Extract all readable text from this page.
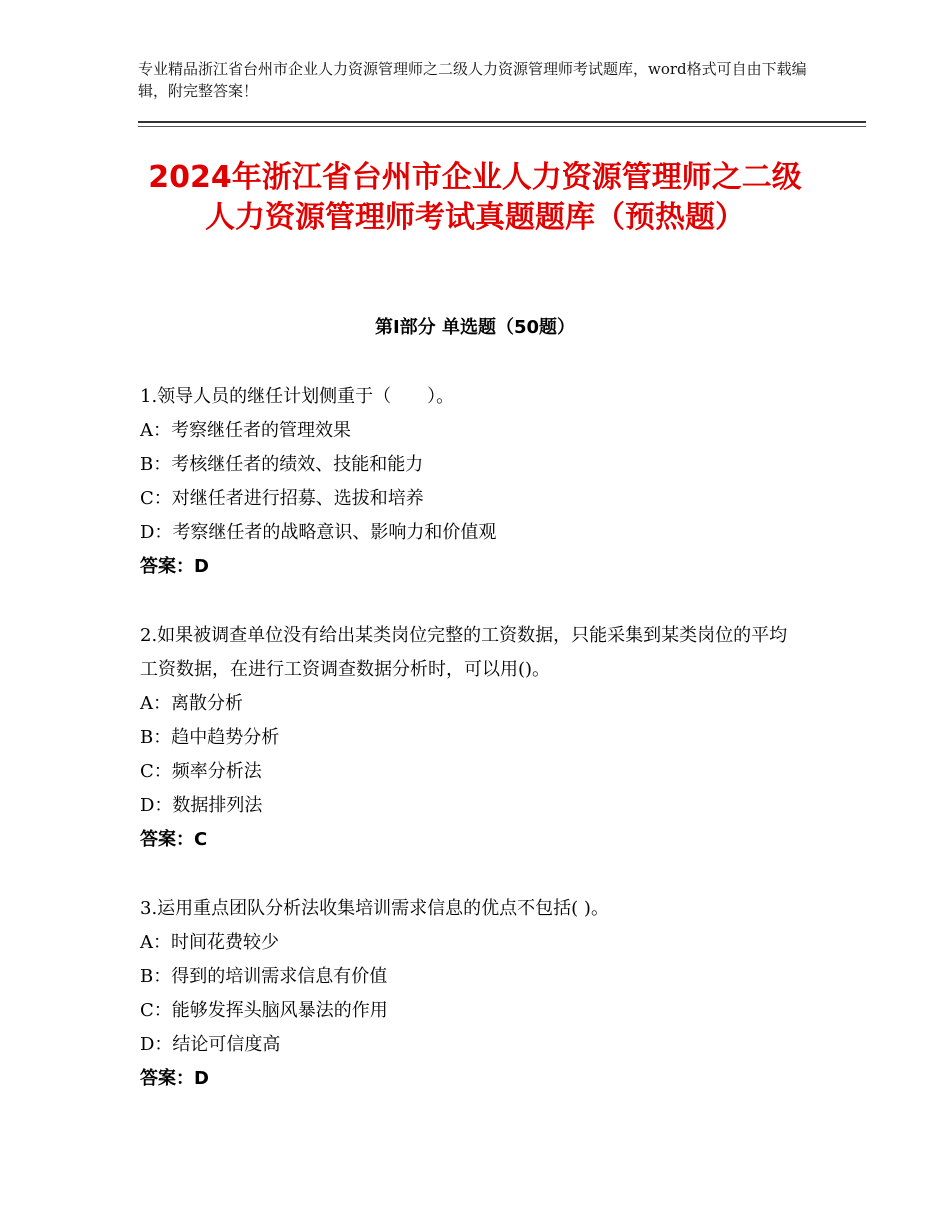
专业精品浙江省台州市企业人力资源管理师之二级人力资源管理师考试题库，word格式可自由下载编辑，附完整答案！
2024年浙江省台州市企业人力资源管理师之二级人力资源管理师考试真题题库（预热题）
第Ⅰ部分 单选题（50题）

1.领导人员的继任计划侧重于（　　）。

A：考察继任者的管理效果

B：考核继任者的绩效、技能和能力

C：对继任者进行招募、选拔和培养

D：考察继任者的战略意识、影响力和价值观

答案：D

2.如果被调查单位没有给出某类岗位完整的工资数据，只能采集到某类岗位的平均工资数据，在进行工资调查数据分析时，可以用()。

A：离散分析

B：趋中趋势分析

C：频率分析法

D：数据排列法

答案：C

3.运用重点团队分析法收集培训需求信息的优点不包括( )。

A：时间花费较少

B：得到的培训需求信息有价值

C：能够发挥头脑风暴法的作用

D：结论可信度高

答案：D
